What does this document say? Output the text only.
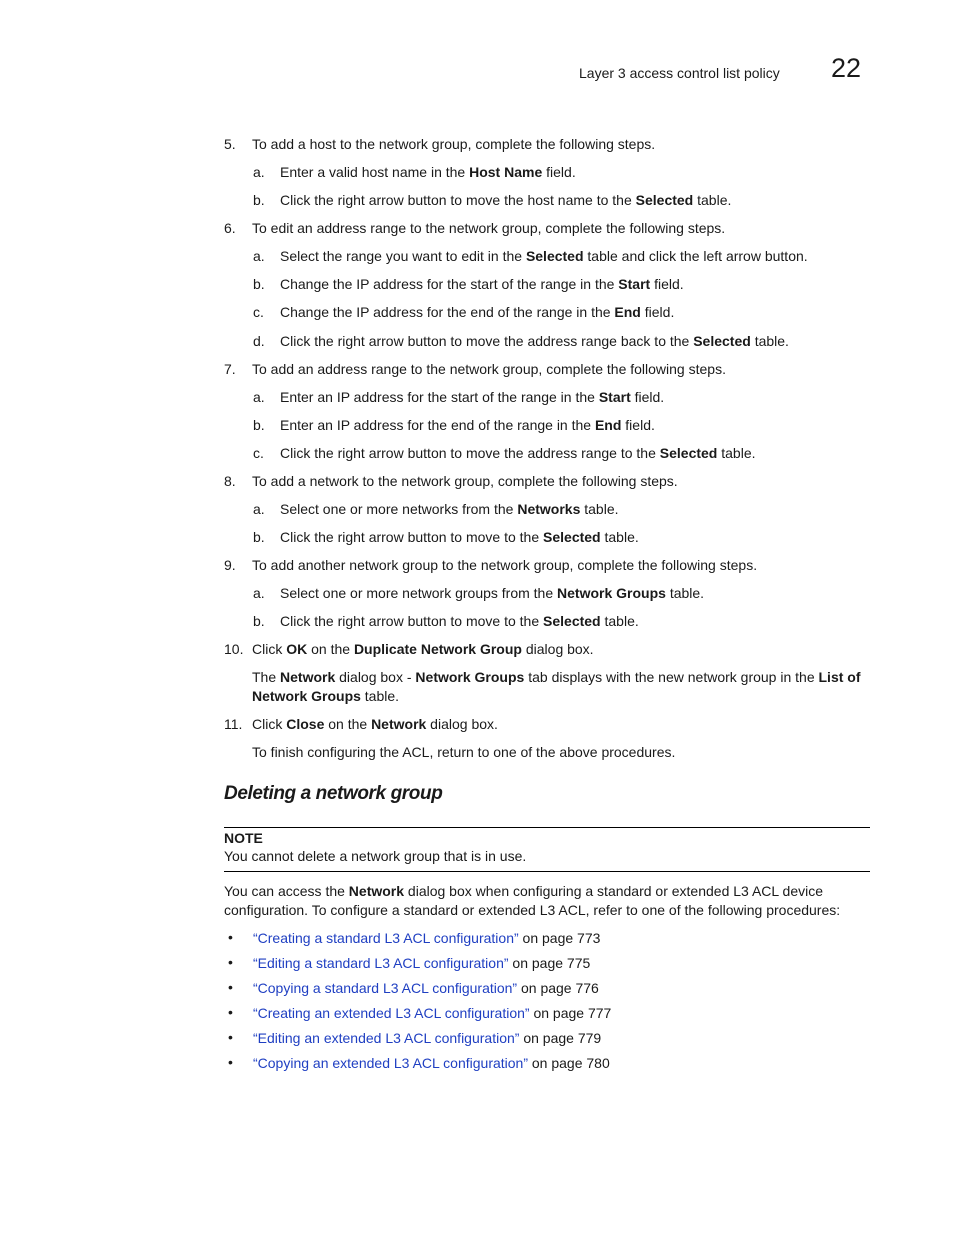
Layer 3 access control list policy 22
5. To add a host to the network group, complete the following steps.
a. Enter a valid host name in the Host Name field.
b. Click the right arrow button to move the host name to the Selected table.
6. To edit an address range to the network group, complete the following steps.
a. Select the range you want to edit in the Selected table and click the left arrow button.
b. Change the IP address for the start of the range in the Start field.
c. Change the IP address for the end of the range in the End field.
d. Click the right arrow button to move the address range back to the Selected table.
7. To add an address range to the network group, complete the following steps.
a. Enter an IP address for the start of the range in the Start field.
b. Enter an IP address for the end of the range in the End field.
c. Click the right arrow button to move the address range to the Selected table.
8. To add a network to the network group, complete the following steps.
a. Select one or more networks from the Networks table.
b. Click the right arrow button to move to the Selected table.
9. To add another network group to the network group, complete the following steps.
a. Select one or more network groups from the Network Groups table.
b. Click the right arrow button to move to the Selected table.
10. Click OK on the Duplicate Network Group dialog box.
The Network dialog box - Network Groups tab displays with the new network group in the List of
Network Groups table.
11. Click Close on the Network dialog box.
To finish configuring the ACL, return to one of the above procedures.
Deleting a network group
NOTE
You cannot delete a network group that is in use.
You can access the Network dialog box when configuring a standard or extended L3 ACL device
configuration. To configure a standard or extended L3 ACL, refer to one of the following procedures:
• “Creating a standard L3 ACL configuration” on page 773
• “Editing a standard L3 ACL configuration” on page 775
• “Copying a standard L3 ACL configuration” on page 776
• “Creating an extended L3 ACL configuration” on page 777
• “Editing an extended L3 ACL configuration” on page 779
• “Copying an extended L3 ACL configuration” on page 780
